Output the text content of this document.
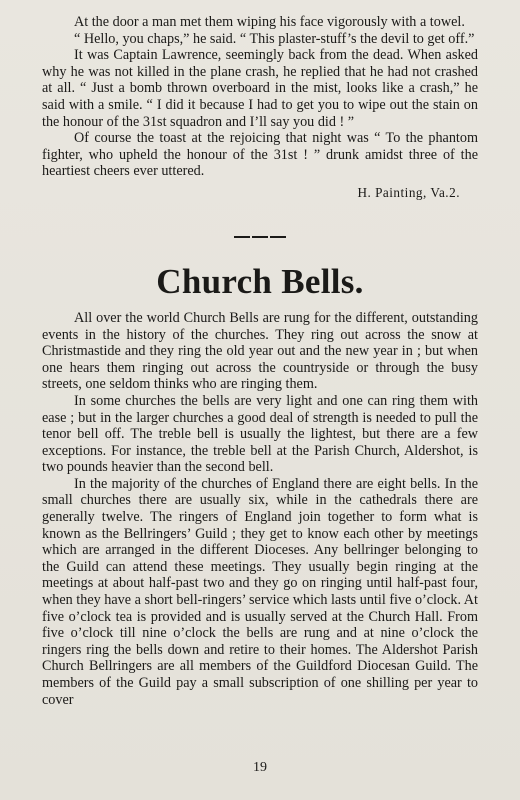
At the door a man met them wiping his face vigorously with a towel.

“ Hello, you chaps,” he said. “ This plaster-stuff’s the devil to get off.”

It was Captain Lawrence, seemingly back from the dead. When asked why he was not killed in the plane crash, he replied that he had not crashed at all. “ Just a bomb thrown overboard in the mist, looks like a crash,” he said with a smile. “ I did it because I had to get you to wipe out the stain on the honour of the 31st squadron and I’ll say you did ! ”

Of course the toast at the rejoicing that night was “ To the phantom fighter, who upheld the honour of the 31st ! ” drunk amidst three of the heartiest cheers ever uttered.

H. Painting, Va.2.
Church Bells.

All over the world Church Bells are rung for the different, outstanding events in the history of the churches. They ring out across the snow at Christmastide and they ring the old year out and the new year in ; but when one hears them ringing out across the countryside or through the busy streets, one seldom thinks who are ringing them.

In some churches the bells are very light and one can ring them with ease ; but in the larger churches a good deal of strength is needed to pull the tenor bell off. The treble bell is usually the lightest, but there are a few exceptions. For instance, the treble bell at the Parish Church, Aldershot, is two pounds heavier than the second bell.

In the majority of the churches of England there are eight bells. In the small churches there are usually six, while in the cathedrals there are generally twelve. The ringers of England join together to form what is known as the Bellringers’ Guild ; they get to know each other by meetings which are arranged in the different Dioceses. Any bellringer belonging to the Guild can attend these meetings. They usually begin ringing at the meetings at about half-past two and they go on ringing until half-past four, when they have a short bell-ringers’ service which lasts until five o’clock. At five o’clock tea is provided and is usually served at the Church Hall. From five o’clock till nine o’clock the bells are rung and at nine o’clock the ringers ring the bells down and retire to their homes. The Aldershot Parish Church Bellringers are all members of the Guildford Diocesan Guild. The members of the Guild pay a small subscription of one shilling per year to cover

19
